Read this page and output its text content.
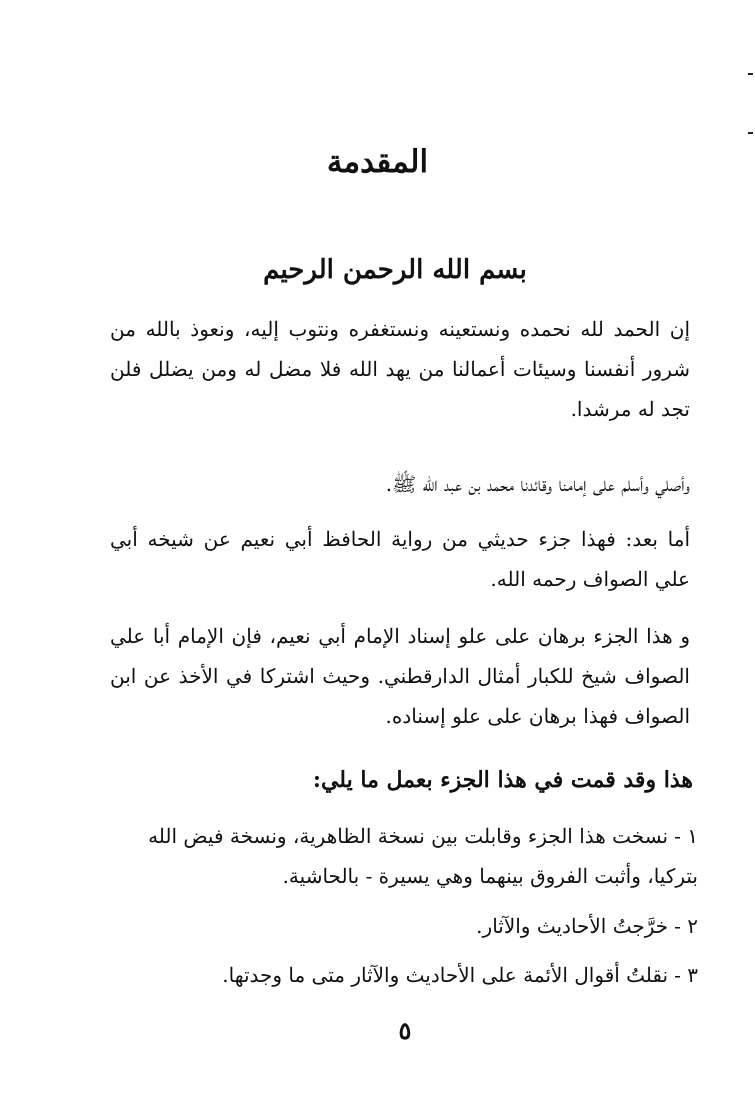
المقدمة
بسم الله الرحمن الرحيم
إن الحمد لله نحمده ونستعينه ونستغفره ونتوب إليه، ونعوذ بالله من شرور أنفسنا وسيئات أعمالنا من يهد الله فلا مضل له ومن يضلل فلن تجد له مرشدا.
وأصلي وأسلم على إمامنا وقائدنا محمد بن عبد الله ﷺ.
أما بعد: فهذا جزء حديثي من رواية الحافظ أبي نعيم عن شيخه أبي علي الصواف رحمه الله.
و هذا الجزء برهان على علو إسناد الإمام أبي نعيم، فإن الإمام أبا علي الصواف شيخ للكبار أمثال الدارقطني. وحيث اشتركا في الأخذ عن ابن الصواف فهذا برهان على علو إسناده.
هذا وقد قمت في هذا الجزء بعمل ما يلي:
١ -نسخت هذا الجزء وقابلت بين نسخة الظاهرية، ونسخة فيض الله بتركيا، وأثبت الفروق بينهما وهي يسيرة - بالحاشية.
٢ -خرَّجتُ الأحاديث والآثار.
٣ -نقلتُ أقوال الأئمة على الأحاديث والآثار متى ما وجدتها.
٥
